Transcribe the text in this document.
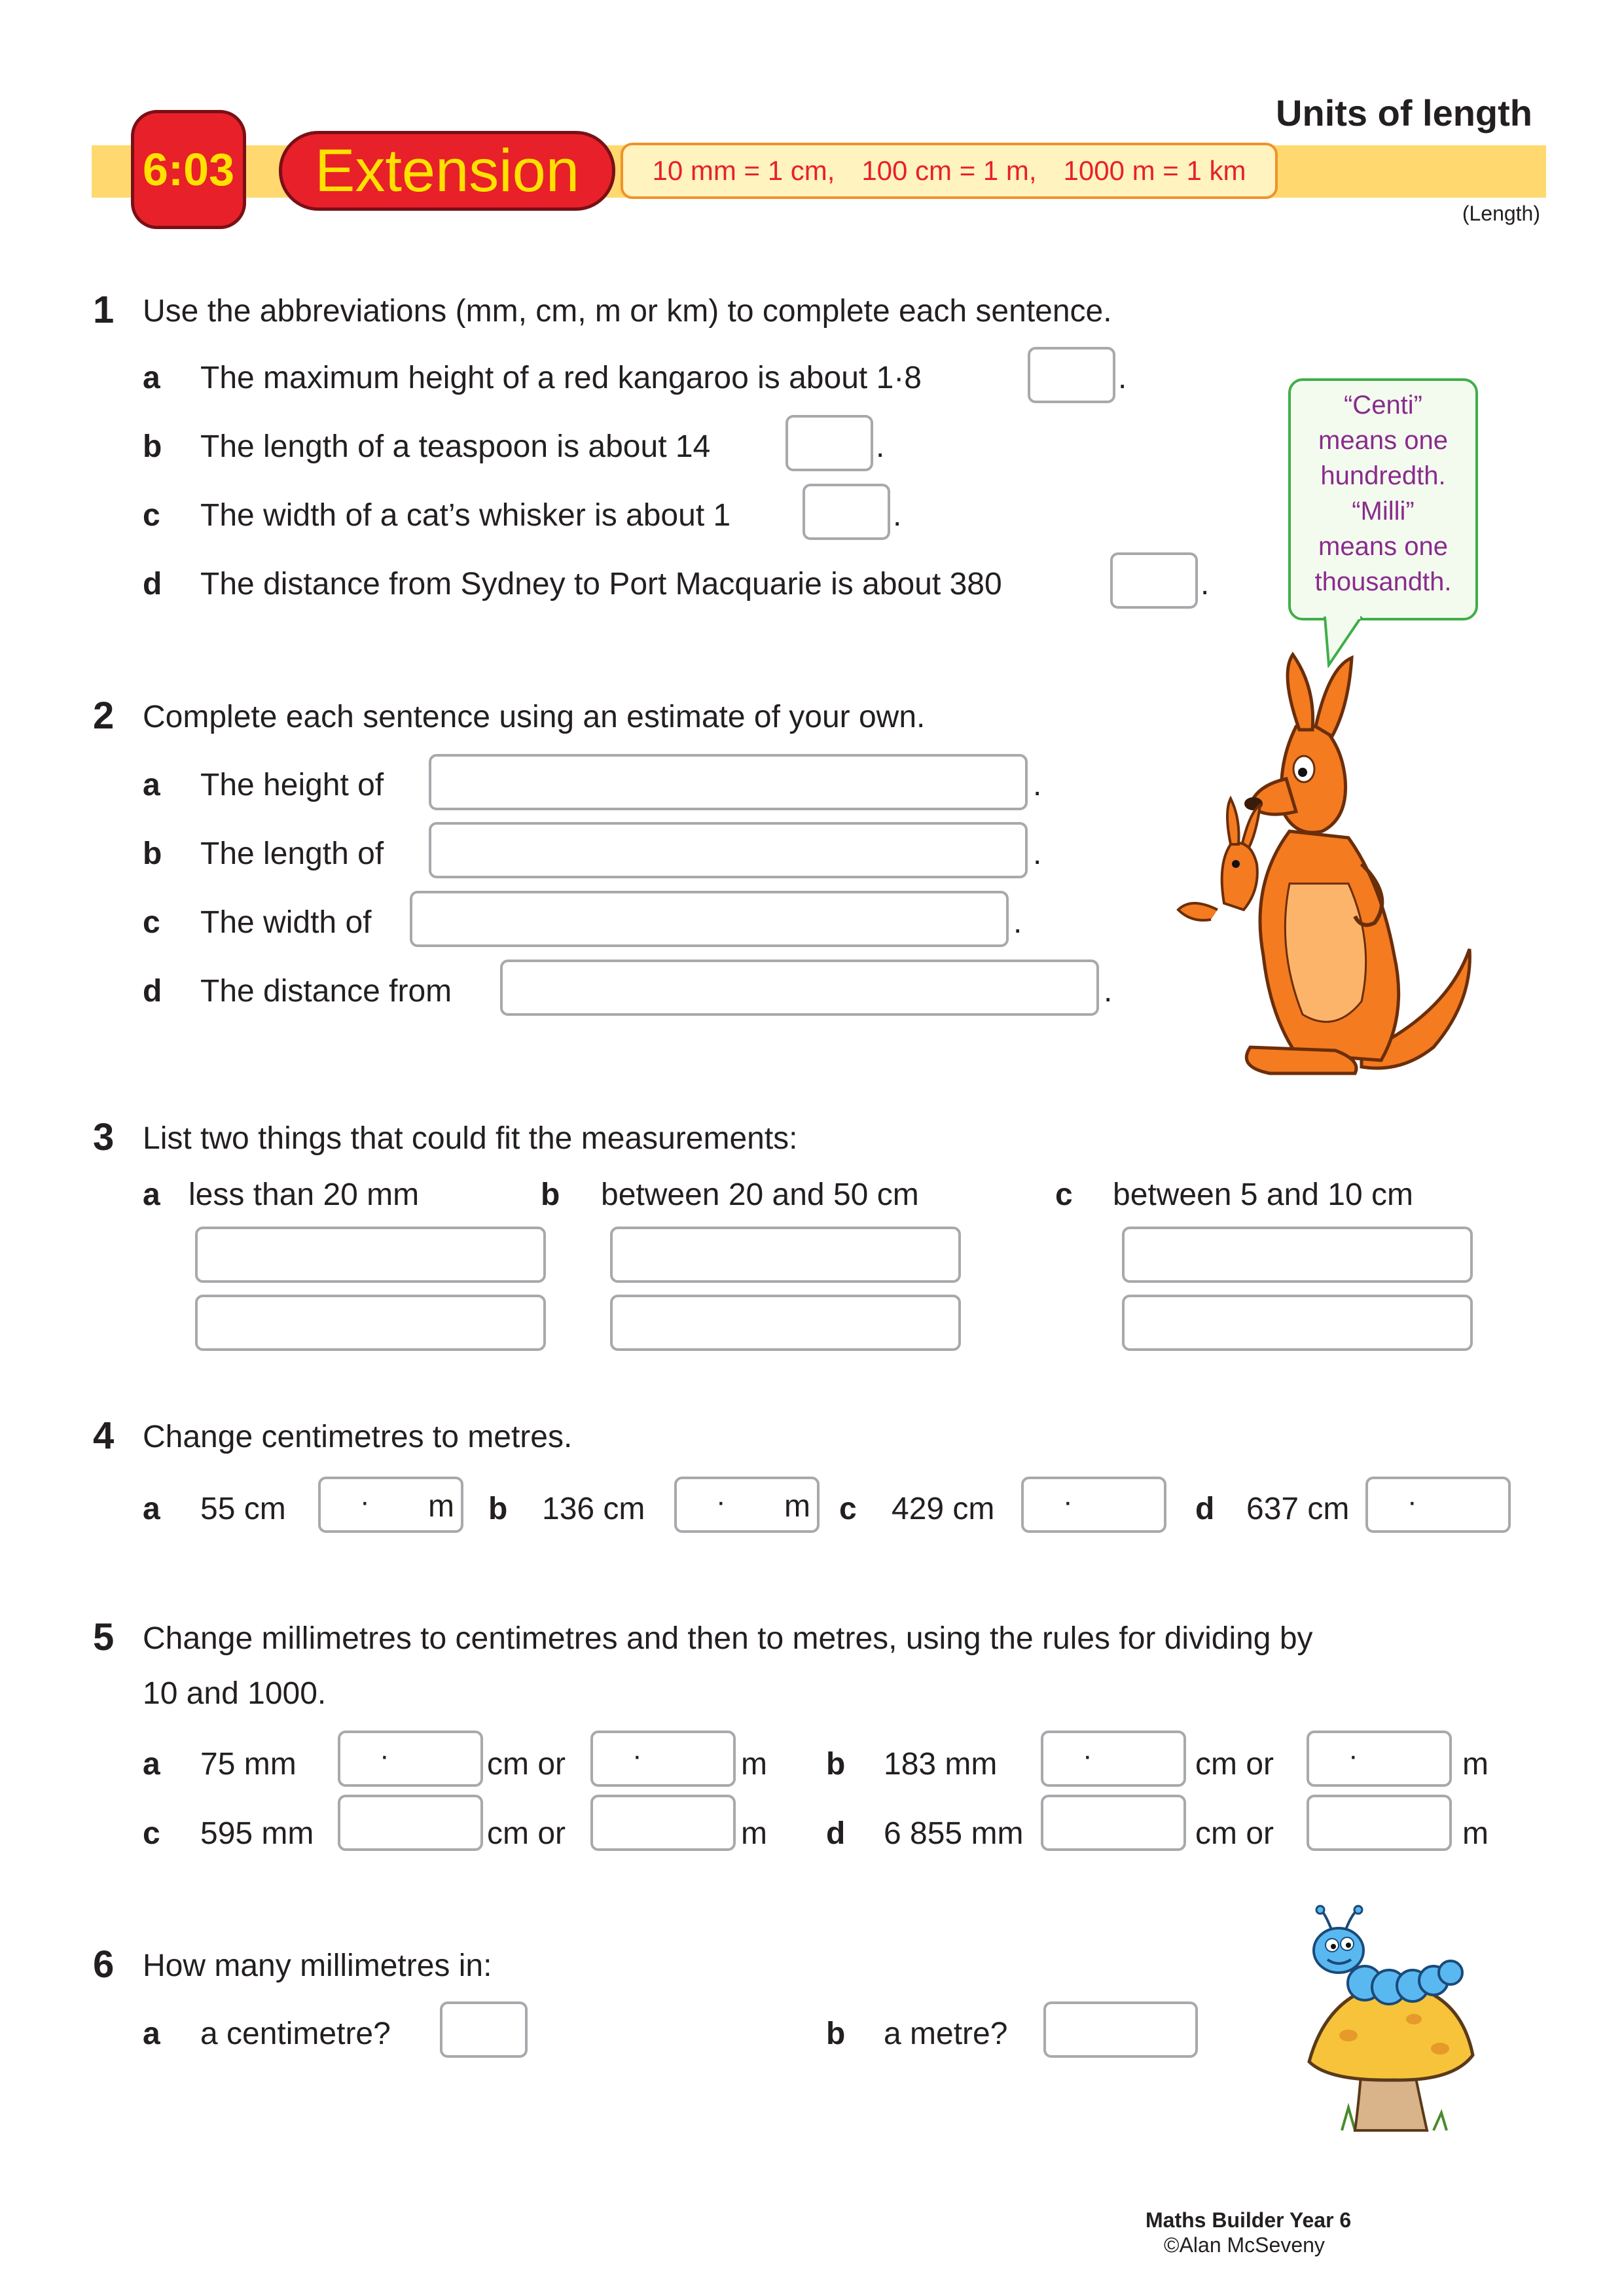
Units of length
6:03 Extension	10 mm = 1 cm, 100 cm = 1 m, 1000 m = 1 km
(Length)
1 Use the abbreviations (mm, cm, m or km) to complete each sentence.
a The maximum height of a red kangaroo is about 1·8	.
b The length of a teaspoon is about 14	.
c The width of a cat’s whisker is about 1	.
d The distance from Sydney to Port Macquarie is about 380	.
“Centi”
means one
hundredth.
“Milli”
means one
thousandth.
2 Complete each sentence using an estimate of your own.
a The height of	.
b The length of	.
c The width of	.
d The distance from	.
3 List two things that could fit the measurements:
a less than 20 mm	b between 20 and 50 cm	c between 5 and 10 cm
4 Change centimetres to metres.
a 55 cm	· m b 136 cm · m c 429 cm ·	d 637 cm ·
5 Change millimetres to centimetres and then to metres, using the rules for dividing by
10 and 1000.
a 75 mm	·	cm or ·	m b 183 mm	·	cm or	·	m
c 595 mm	cm or	m d 6 855 mm	cm or	m
6 How many millimetres in:
a a centimetre?	b a metre?
Maths Builder Year 6
©Alan McSeveny
